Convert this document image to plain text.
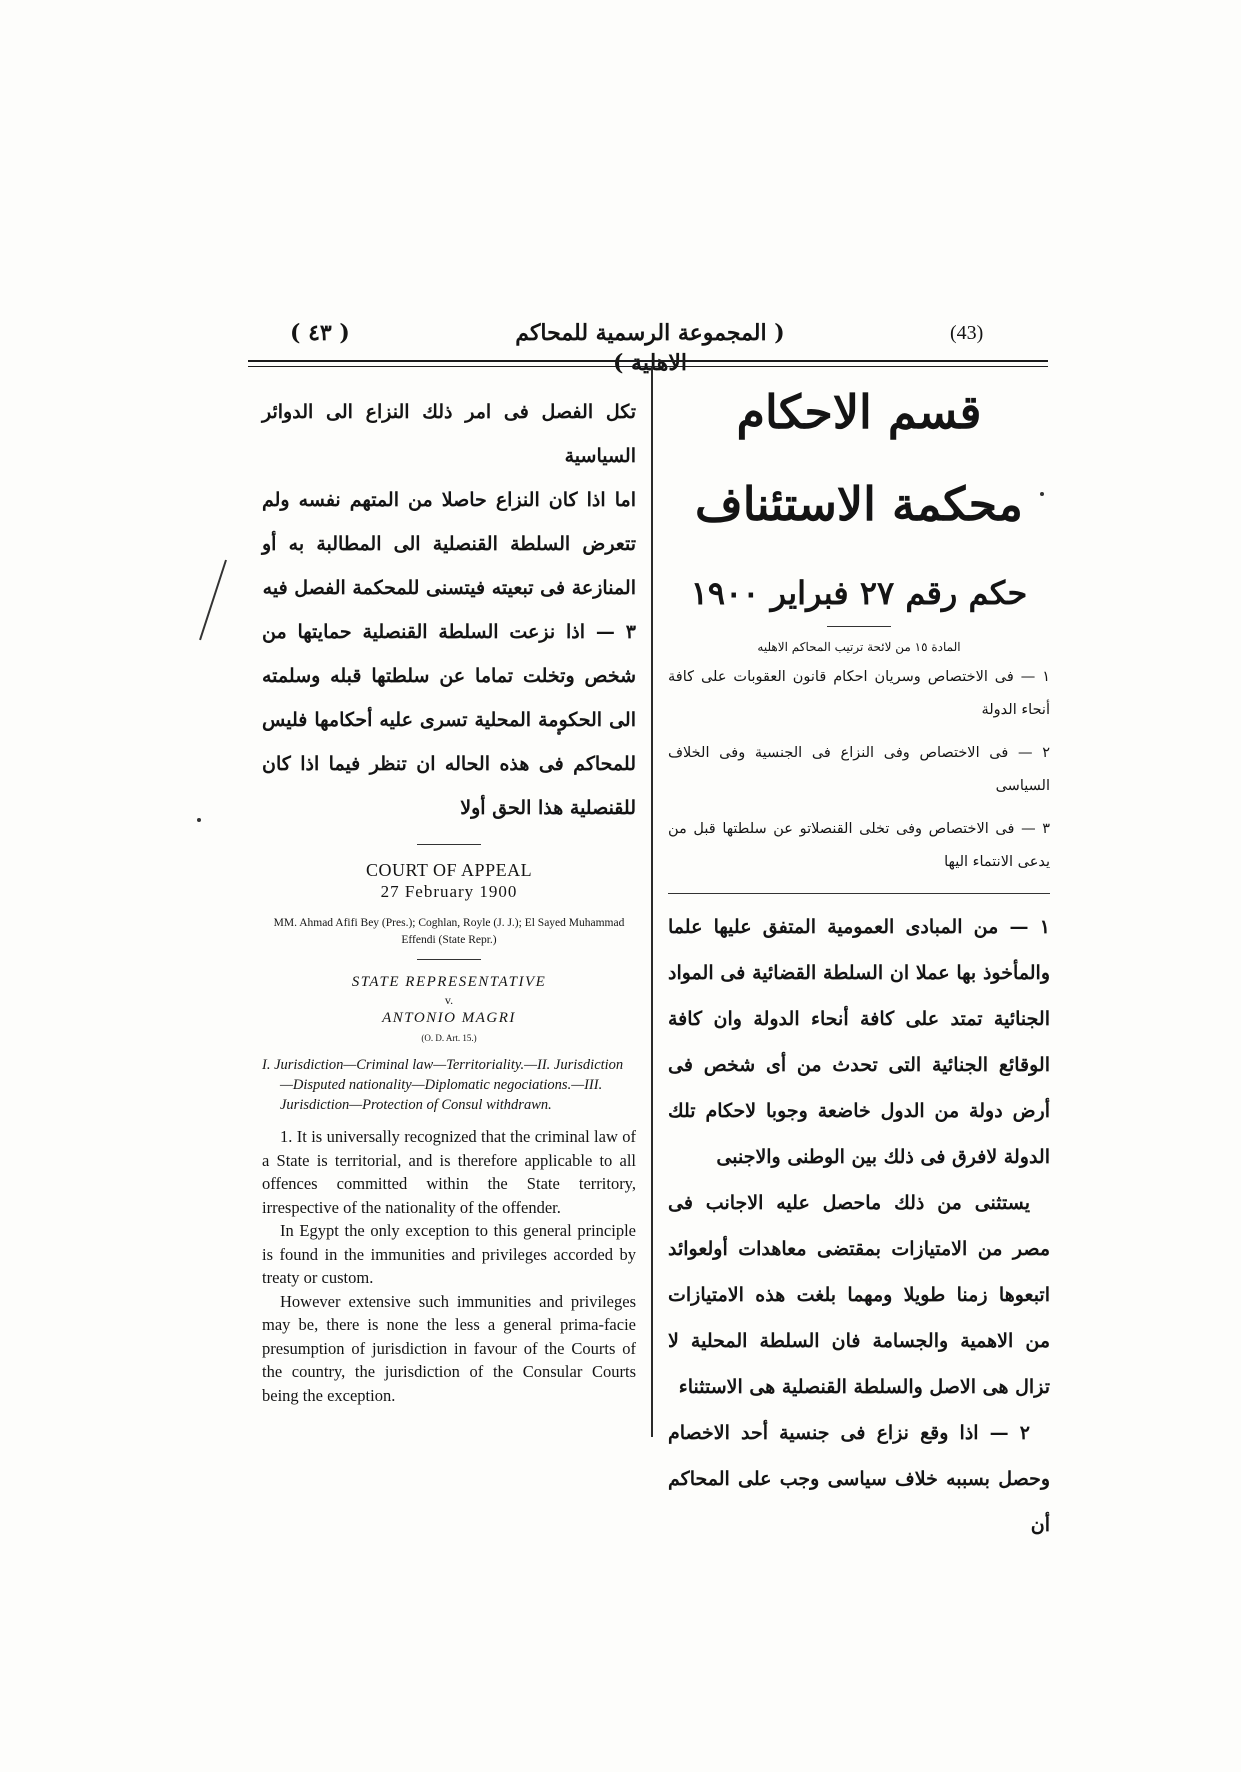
( ٤٣ )	( المجموعة الرسمية للمحاكم الاهلية )
(43)
قسم الاحكام
محكمة الاستئناف
حكم رقم ٢٧ فبراير ١٩٠٠
المادة ١٥ من لائحة ترتيب المحاكم الاهليه

١ — فى الاختصاص وسريان احكام قانون العقوبات على كافة أنحاء الدولة

٢ — فى الاختصاص وفى النزاع فى الجنسية وفى الخلاف السياسى

٣ — فى الاختصاص وفى تخلى القنصلاتو عن سلطتها قبل من يدعى الانتماء اليها

١ — من المبادى العمومية المتفق عليها علما والمأخوذ بها عملا ان السلطة القضائية فى المواد الجنائية تمتد على كافة أنحاء الدولة وان كافة الوقائع الجنائية التى تحدث من أى شخص فى أرض دولة من الدول خاضعة وجوبا لاحكام تلك الدولة لافرق فى ذلك بين الوطنى والاجنبى

يستثنى من ذلك ماحصل عليه الاجانب فى مصر من الامتيازات بمقتضى معاهدات أولعوائد اتبعوها زمنا طويلا ومهما بلغت هذه الامتيازات من الاهمية والجسامة فان السلطة المحلية لا تزال هى الاصل والسلطة القنصلية هى الاستثناء

٢ — اذا وقع نزاع فى جنسية أحد الاخصام وحصل بسببه خلاف سياسى وجب على المحاكم أن

تكل الفصل فى امر ذلك النزاع الى الدوائر السياسية

اما اذا كان النزاع حاصلا من المتهم نفسه ولم تتعرض السلطة القنصلية الى المطالبة به أو المنازعة فى تبعيته فيتسنى للمحكمة الفصل فيه

٣ — اذا نزعت السلطة القنصلية حمايتها من شخص وتخلت تماما عن سلطتها قبله وسلمته الى الحكومة المحلية تسرى عليه أحكامها فليس للمحاكم فى هذه الحاله ان تنظر فيما اذا كان للقنصلية هذا الحق أولا

COURT OF APPEAL
27 February 1900
MM. Ahmad Afifi Bey (Pres.); Coghlan, Royle (J. J.); El Sayed Muhammad Effendi (State Repr.)
STATE REPRESENTATIVE
v.
ANTONIO MAGRI
(O. D. Art. 15.)
I. Jurisdiction—Criminal law—Territoriality.—II. Jurisdiction—Disputed nationality—Diplomatic negociations.—III. Jurisdiction—Protection of Consul withdrawn.

1. It is universally recognized that the criminal law of a State is territorial, and is therefore applicable to all offences committed within the State territory, irrespective of the nationality of the offender.

In Egypt the only exception to this general principle is found in the immunities and privileges accorded by treaty or custom.

However extensive such immunities and privileges may be, there is none the less a general prima-facie presumption of jurisdiction in favour of the Courts of the country, the jurisdiction of the Consular Courts being the exception.
